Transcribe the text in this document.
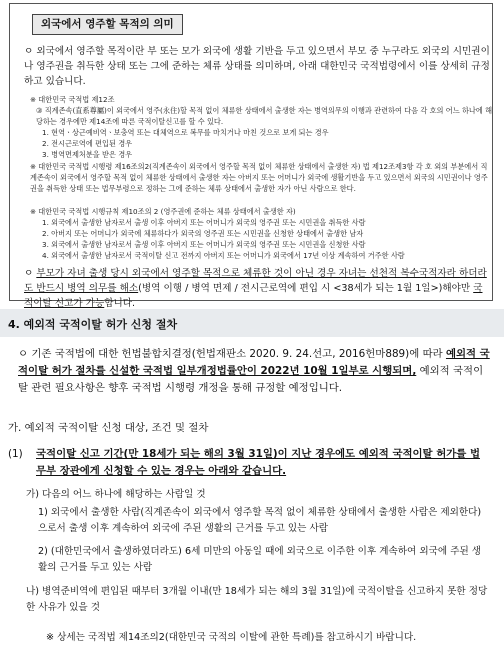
외국에서 영주할 목적의 의미

ㅇ 외국에서 영주할 목적이란 부 또는 모가 외국에 생활 기반을 두고 있으면서 부모 중 누구라도 외국의 시민권이나 영주권을 취득한 상태 또는 그에 준하는 체류 상태를 의미하며, 아래 대한민국 국적법령에서 이를 상세히 규정하고 있습니다.

※ 대한민국 국적법 제12조

③ 직계존속(直系尊屬)이 외국에서 영주(永住)할 목적 없이 체류한 상태에서 출생한 자는 병역의무의 이행과 관련하여 다음 각 호의 어느 하나에 해당하는 경우에만 제14조에 따른 국적이탈신고를 할 수 있다.

1. 현역ㆍ상근예비역ㆍ보충역 또는 대체역으로 복무를 마치거나 마친 것으로 보게 되는 경우

2. 전시근로역에 편입된 경우

3. 병역면제처분을 받은 경우

※ 대한민국 국적법 시행령 제16조의2(직계존속이 외국에서 영주할 목적 없이 체류한 상태에서 출생한 자) 법 제12조제3항 각 호 외의 부분에서 직계존속이 외국에서 영주할 목적 없이 체류한 상태에서 출생한 자는 아버지 또는 어머니가 외국에 생활기반을 두고 있으면서 외국의 시민권이나 영주권을 취득한 상태 또는 법무부령으로 정하는 그에 준하는 체류 상태에서 출생한 자가 아닌 사람으로 한다.

※ 대한민국 국적법 시행규칙 제10조의 2 (영주권에 준하는 체류 상태에서 출생한 자)

1. 외국에서 출생한 남자로서 출생 이후 아버지 또는 어머니가 외국의 영주권 또는 시민권을 취득한 사람

2. 아버지 또는 어머니가 외국에 체류하다가 외국의 영주권 또는 시민권을 신청한 상태에서 출생한 남자

3. 외국에서 출생한 남자로서 출생 이후 아버지 또는 어머니가 외국의 영주권 또는 시민권을 신청한 사람

4. 외국에서 출생한 남자로서 국적이탈 신고 전까지 아버지 또는 어머니가 외국에서 17년 이상 계속하여 거주한 사람

ㅇ 부모가 자녀 출생 당시 외국에서 영주할 목적으로 체류한 것이 아닌 경우 자녀는 선천적 복수국적자라 하더라도 반드시 병역 의무를 해소(병역 이행 / 병역 면제 / 전시근로역에 편입 시 <38세가 되는 1월 1일>)해야만 국적이탈 신고가 가능합니다.

4. 예외적 국적이탈 허가 신청 절차

ㅇ 기존 국적법에 대한 헌법불합치결정(헌법재판소 2020. 9. 24.선고, 2016헌마889)에 따라 예외적 국적이탈 허가 절차를 신설한 국적법 일부개정법률안이 2022년 10월 1일부로 시행되며, 예외적 국적이탈 관련 필요사항은 향후 국적법 시행령 개정을 통해 규정할 예정입니다.

가. 예외적 국적이탈 신청 대상, 조건 및 절차

(1) 국적이탈 신고 기간(만 18세가 되는 해의 3월 31일)이 지난 경우에도 예외적 국적이탈 허가를 법무부 장관에게 신청할 수 있는 경우는 아래와 같습니다.

가) 다음의 어느 하나에 해당하는 사람일 것

1) 외국에서 출생한 사람(직계존속이 외국에서 영주할 목적 없이 체류한 상태에서 출생한 사람은 제외한다)으로서 출생 이후 계속하여 외국에 주된 생활의 근거를 두고 있는 사람

2) (대한민국에서 출생하였더라도) 6세 미만의 아동일 때에 외국으로 이주한 이후 계속하여 외국에 주된 생활의 근거를 두고 있는 사람

나) 병역준비역에 편입된 때부터 3개월 이내(만 18세가 되는 해의 3월 31일)에 국적이탈을 신고하지 못한 정당한 사유가 있을 것

※ 상세는 국적법 제14조의2(대한민국 국적의 이탈에 관한 특례)를 참고하시기 바랍니다.
